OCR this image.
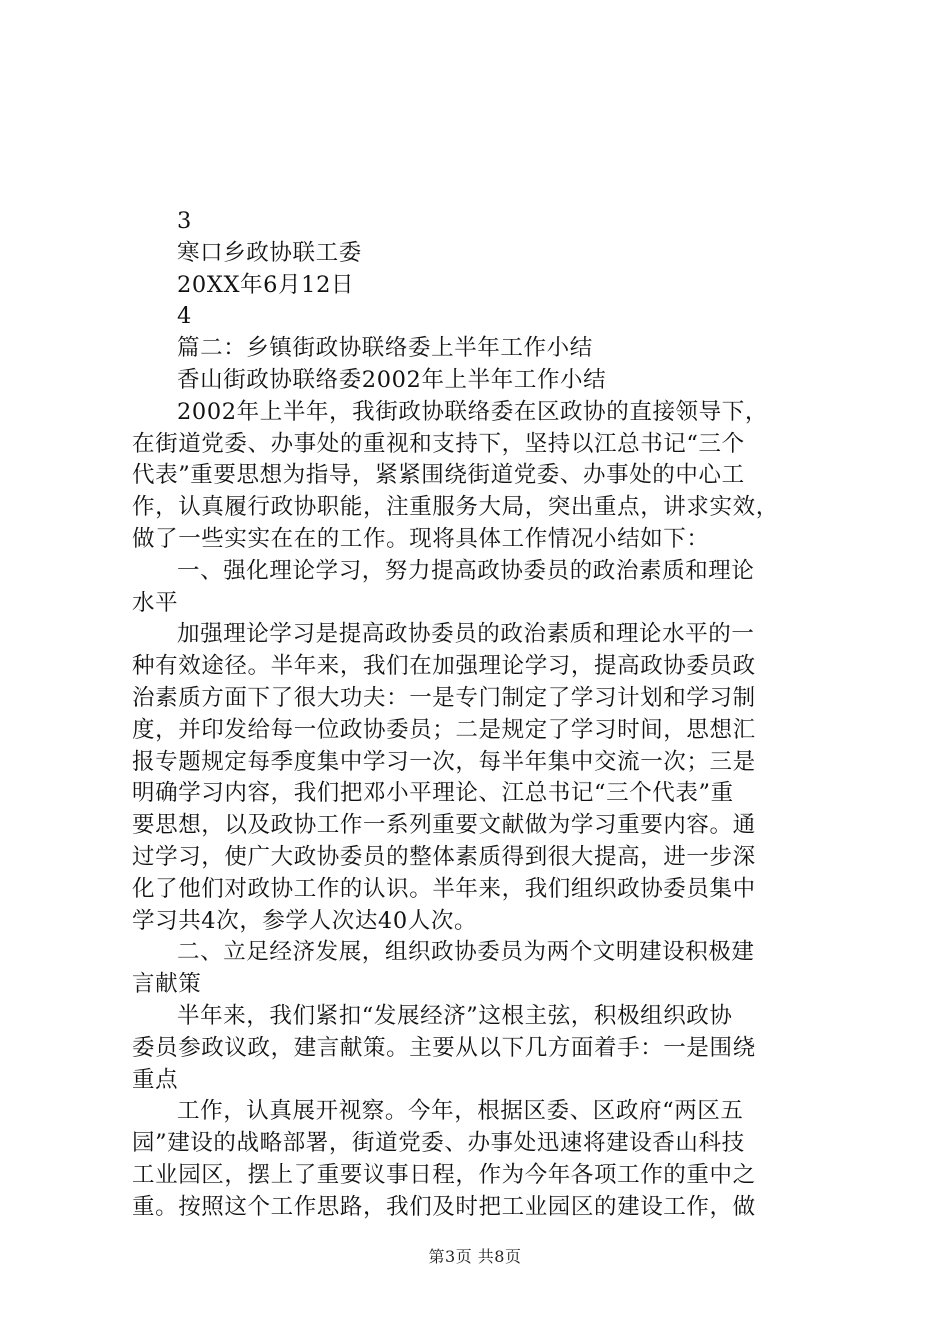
3
寒口乡政协联工委
20XX年6月12日
4
篇二：乡镇街政协联络委上半年工作小结
香山街政协联络委2002年上半年工作小结
2002年上半年，我街政协联络委在区政协的直接领导下，
在街道党委、办事处的重视和支持下，坚持以江总书记“三个
代表”重要思想为指导，紧紧围绕街道党委、办事处的中心工
作，认真履行政协职能，注重服务大局，突出重点，讲求实效，
做了一些实实在在的工作。现将具体工作情况小结如下：
一、强化理论学习，努力提高政协委员的政治素质和理论
水平
加强理论学习是提高政协委员的政治素质和理论水平的一
种有效途径。半年来，我们在加强理论学习，提高政协委员政
治素质方面下了很大功夫：一是专门制定了学习计划和学习制
度，并印发给每一位政协委员；二是规定了学习时间，思想汇
报专题规定每季度集中学习一次，每半年集中交流一次；三是
明确学习内容，我们把邓小平理论、江总书记“三个代表”重
要思想，以及政协工作一系列重要文献做为学习重要内容。通
过学习，使广大政协委员的整体素质得到很大提高，进一步深
化了他们对政协工作的认识。半年来，我们组织政协委员集中
学习共4次，参学人次达40人次。
二、立足经济发展，组织政协委员为两个文明建设积极建
言献策
半年来，我们紧扣“发展经济”这根主弦，积极组织政协
委员参政议政，建言献策。主要从以下几方面着手：一是围绕
重点
工作，认真展开视察。今年，根据区委、区政府“两区五
园”建设的战略部署，街道党委、办事处迅速将建设香山科技
工业园区，摆上了重要议事日程，作为今年各项工作的重中之
重。按照这个工作思路，我们及时把工业园区的建设工作，做
第3页 共8页
